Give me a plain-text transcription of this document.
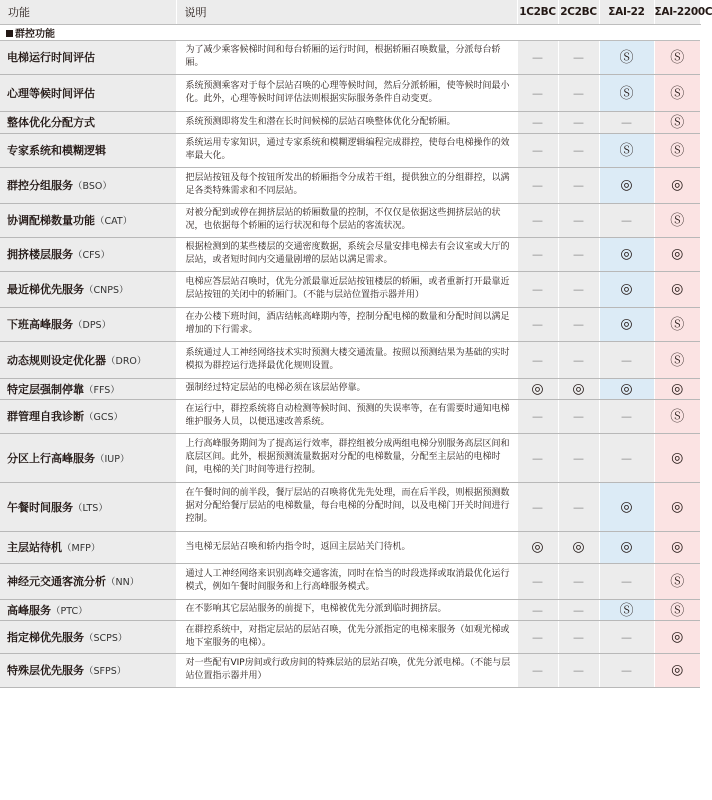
功能	说明	1C2BC	2C2BC	ΣAI-22	ΣAI-2200C
群控功能					
电梯运行时间评估	为了减少乘客候梯时间和每台轿厢的运行时间，根据轿厢召唤数量，分派每台轿厢。	—	—	Ⓢ	Ⓢ
心理等候时间评估	系统预测乘客对于每个层站召唤的心理等候时间，然后分派轿厢，使等候时间最小化。此外，心理等候时间评估法则根据实际服务条件自动变更。	—	—	Ⓢ	Ⓢ
整体优化分配方式	系统预测即将发生和潜在长时间候梯的层站召唤整体优化分配轿厢。	—	—	—	Ⓢ
专家系统和模糊逻辑	系统运用专家知识，通过专家系统和模糊逻辑编程完成群控，使每台电梯操作的效率最大化。	—	—	Ⓢ	Ⓢ
群控分组服务（BSO）	把层站按钮及每个按钮所发出的轿厢指令分成若干组，提供独立的分组群控，以满足各类特殊需求和不同层站。	—	—	◎	◎
协调配梯数量功能（CAT）	对被分配到或停在拥挤层站的轿厢数量的控制，不仅仅是依据这些拥挤层站的状况，也依据每个轿厢的运行状况和每个层站的客流状况。	—	—	—	Ⓢ
拥挤楼层服务（CFS）	根据检测到的某些楼层的交通密度数据，系统会尽量安排电梯去有会议室或大厅的层站，或者短时间内交通量剧增的层站以满足需求。	—	—	◎	◎
最近梯优先服务（CNPS）	电梯应答层站召唤时，优先分派最靠近层站按钮楼层的轿厢，或者重新打开最靠近层站按钮的关闭中的轿厢门。（不能与层站位置指示器并用）	—	—	◎	◎
下班高峰服务（DPS）	在办公楼下班时间，酒店结帐高峰期内等，控制分配电梯的数量和分配时间以满足增加的下行需求。	—	—	◎	Ⓢ
动态规则设定优化器（DRO）	系统通过人工神经网络技术实时预测大楼交通流量。按照以预测结果为基础的实时模拟为群控运行选择最优化规则设置。	—	—	—	Ⓢ
特定层强制停靠（FFS）	强制经过特定层站的电梯必须在该层站停靠。	◎	◎	◎	◎
群管理自我诊断（GCS）	在运行中，群控系统将自动检测等候时间、预测的失误率等，在有需要时通知电梯维护服务人员，以便迅速改善系统。	—	—	—	Ⓢ
分区上行高峰服务（IUP）	上行高峰服务期间为了提高运行效率，群控组被分成两组电梯分别服务高层区间和底层区间。此外，根据预测流量数据对分配的电梯数量，分配至主层站的电梯时间，电梯的关门时间等进行控制。	—	—	—	◎
午餐时间服务（LTS）	在午餐时间的前半段，餐厅层站的召唤将优先先处理，而在后半段，则根据预测数据对分配给餐厅层站的电梯数量，每台电梯的分配时间，以及电梯门开关时间进行控制。	—	—	◎	◎
主层站待机（MFP）	当电梯无层站召唤和轿内指令时，返回主层站关门待机。	◎	◎	◎	◎
神经元交通客流分析（NN）	通过人工神经网络来识别高峰交通客流，同时在恰当的时段选择或取消最优化运行模式，例如午餐时间服务和上行高峰服务模式。	—	—	—	Ⓢ
高峰服务（PTC）	在不影响其它层站服务的前提下，电梯被优先分派到临时拥挤层。	—	—	Ⓢ	Ⓢ
指定梯优先服务（SCPS）	在群控系统中，对指定层站的层站召唤，优先分派指定的电梯来服务（如观光梯或地下室服务的电梯）。	—	—	—	◎
特殊层优先服务（SFPS）	对一些配有VIP房间或行政房间的特殊层站的层站召唤，优先分派电梯。（不能与层站位置指示器并用）	—	—	—	◎
